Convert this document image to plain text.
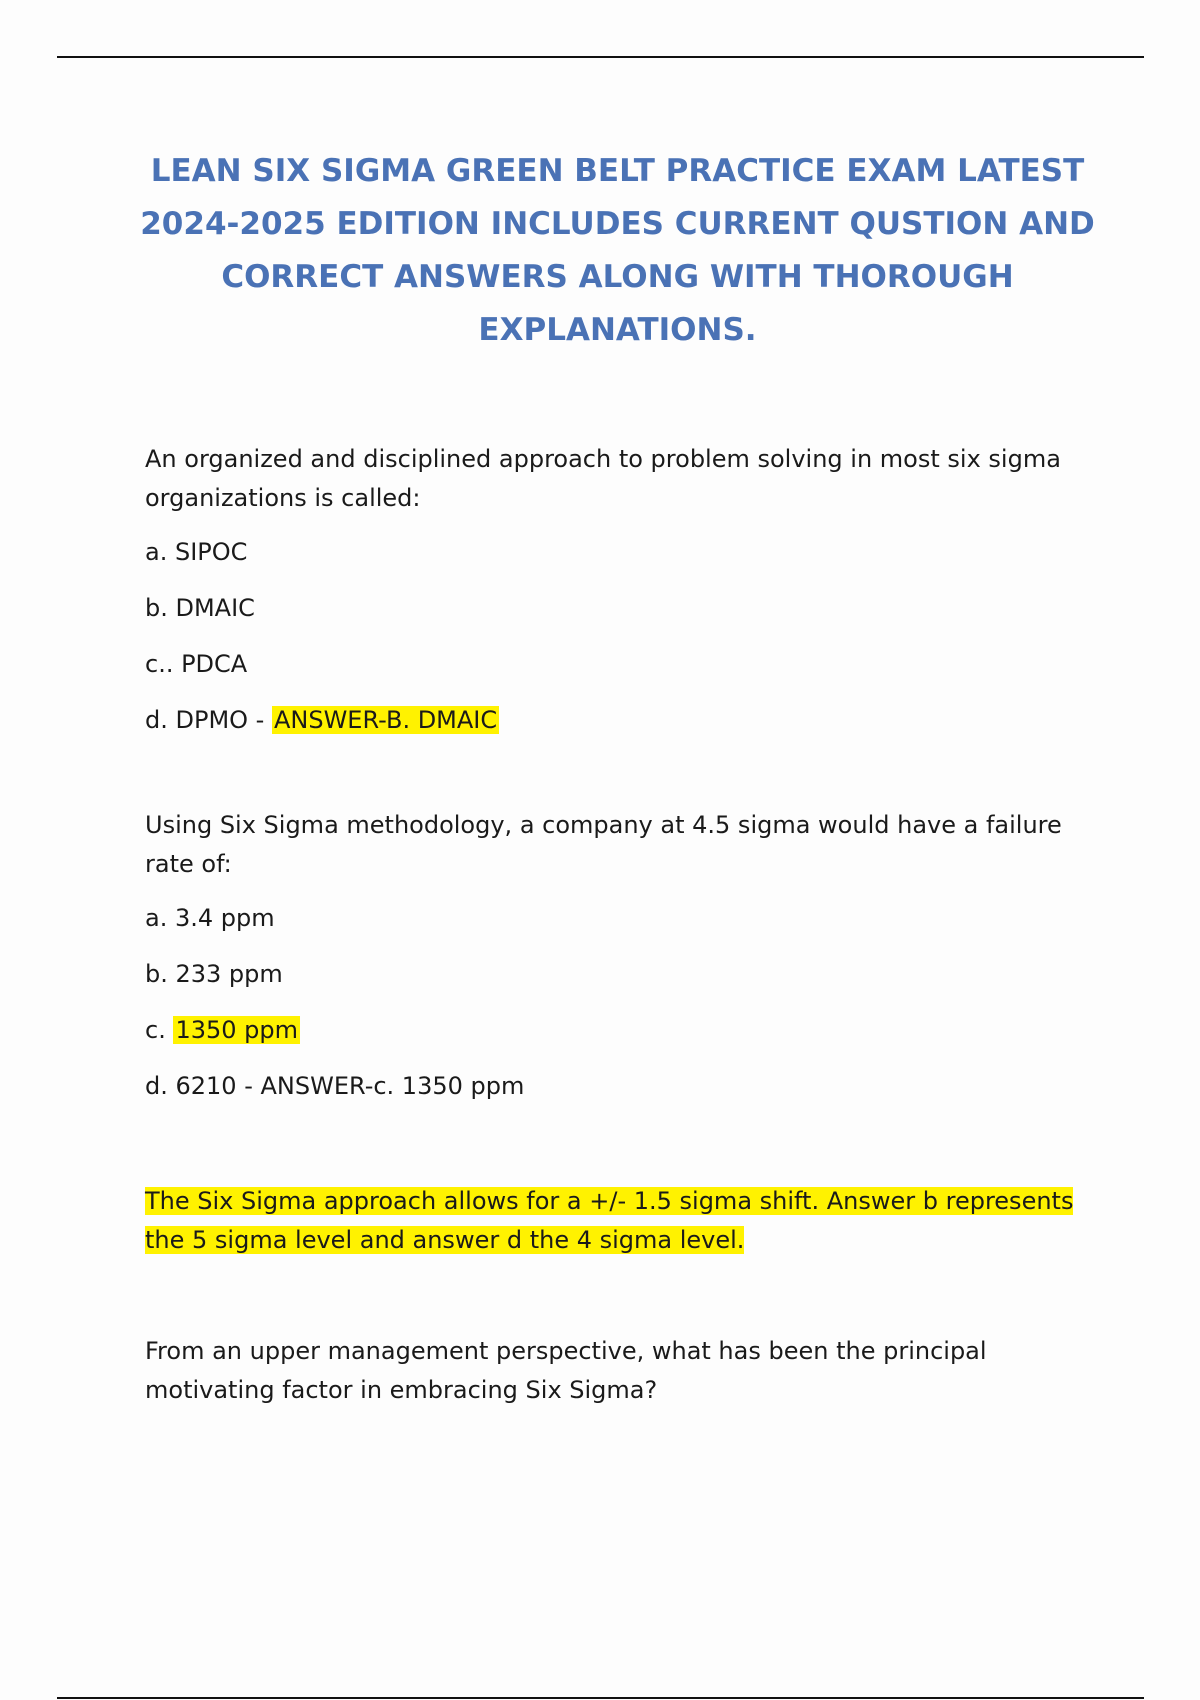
LEAN SIX SIGMA GREEN BELT PRACTICE EXAM LATEST 2024-2025 EDITION INCLUDES CURRENT QUSTION AND CORRECT ANSWERS ALONG WITH THOROUGH EXPLANATIONS.

An organized and disciplined approach to problem solving in most six sigma organizations is called:

a. SIPOC

b. DMAIC

c.. PDCA

d. DPMO - ANSWER-B. DMAIC

Using Six Sigma methodology, a company at 4.5 sigma would have a failure rate of:

a. 3.4 ppm

b. 233 ppm

c. 1350 ppm

d. 6210 - ANSWER-c. 1350 ppm

The Six Sigma approach allows for a +/- 1.5 sigma shift. Answer b represents the 5 sigma level and answer d the 4 sigma level.

From an upper management perspective, what has been the principal motivating factor in embracing Six Sigma?
